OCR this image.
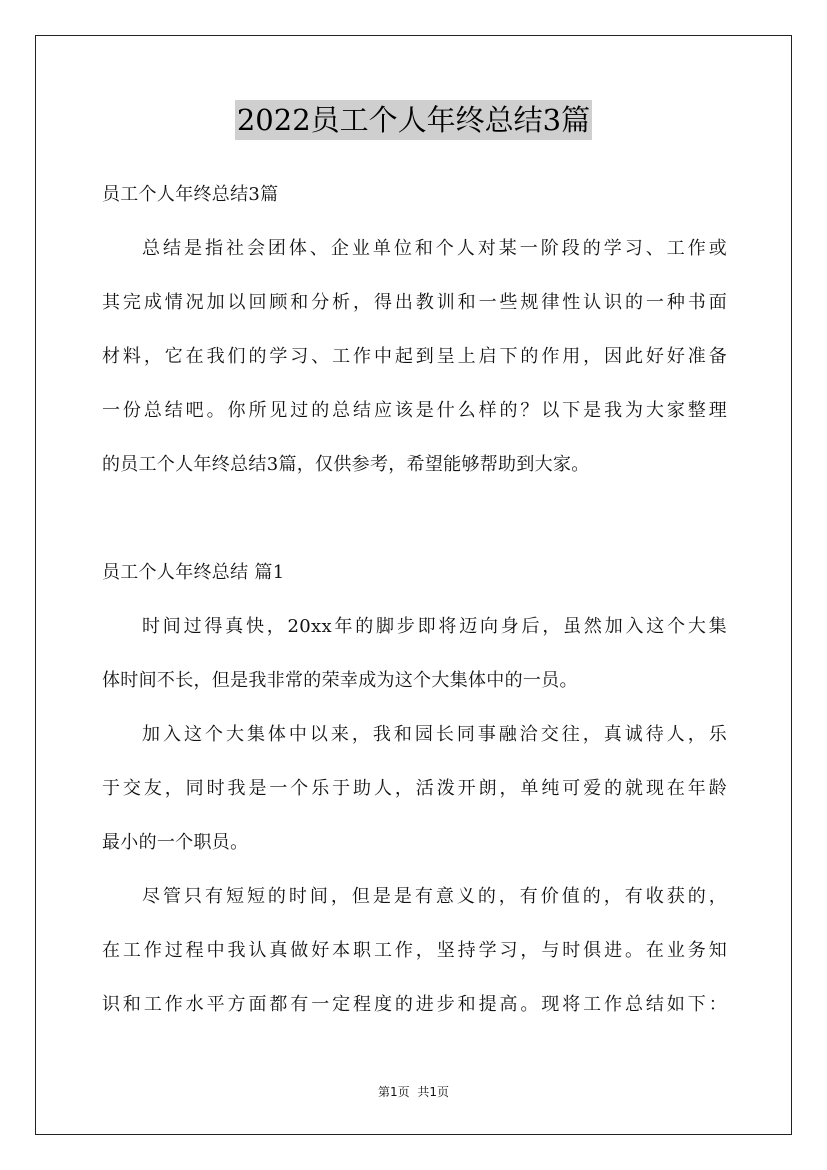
2022员工个人年终总结3篇
员工个人年终总结3篇
总结是指社会团体、企业单位和个人对某一阶段的学习、工作或
其完成情况加以回顾和分析，得出教训和一些规律性认识的一种书面
材料，它在我们的学习、工作中起到呈上启下的作用，因此好好准备
一份总结吧。你所见过的总结应该是什么样的？以下是我为大家整理
的员工个人年终总结3篇，仅供参考，希望能够帮助到大家。
员工个人年终总结 篇1
时间过得真快，20xx年的脚步即将迈向身后，虽然加入这个大集
体时间不长，但是我非常的荣幸成为这个大集体中的一员。
加入这个大集体中以来，我和园长同事融洽交往，真诚待人，乐
于交友，同时我是一个乐于助人，活泼开朗，单纯可爱的就现在年龄
最小的一个职员。
尽管只有短短的时间，但是是有意义的，有价值的，有收获的，
在工作过程中我认真做好本职工作，坚持学习，与时俱进。在业务知
识和工作水平方面都有一定程度的进步和提高。现将工作总结如下：
第1页 共1页
